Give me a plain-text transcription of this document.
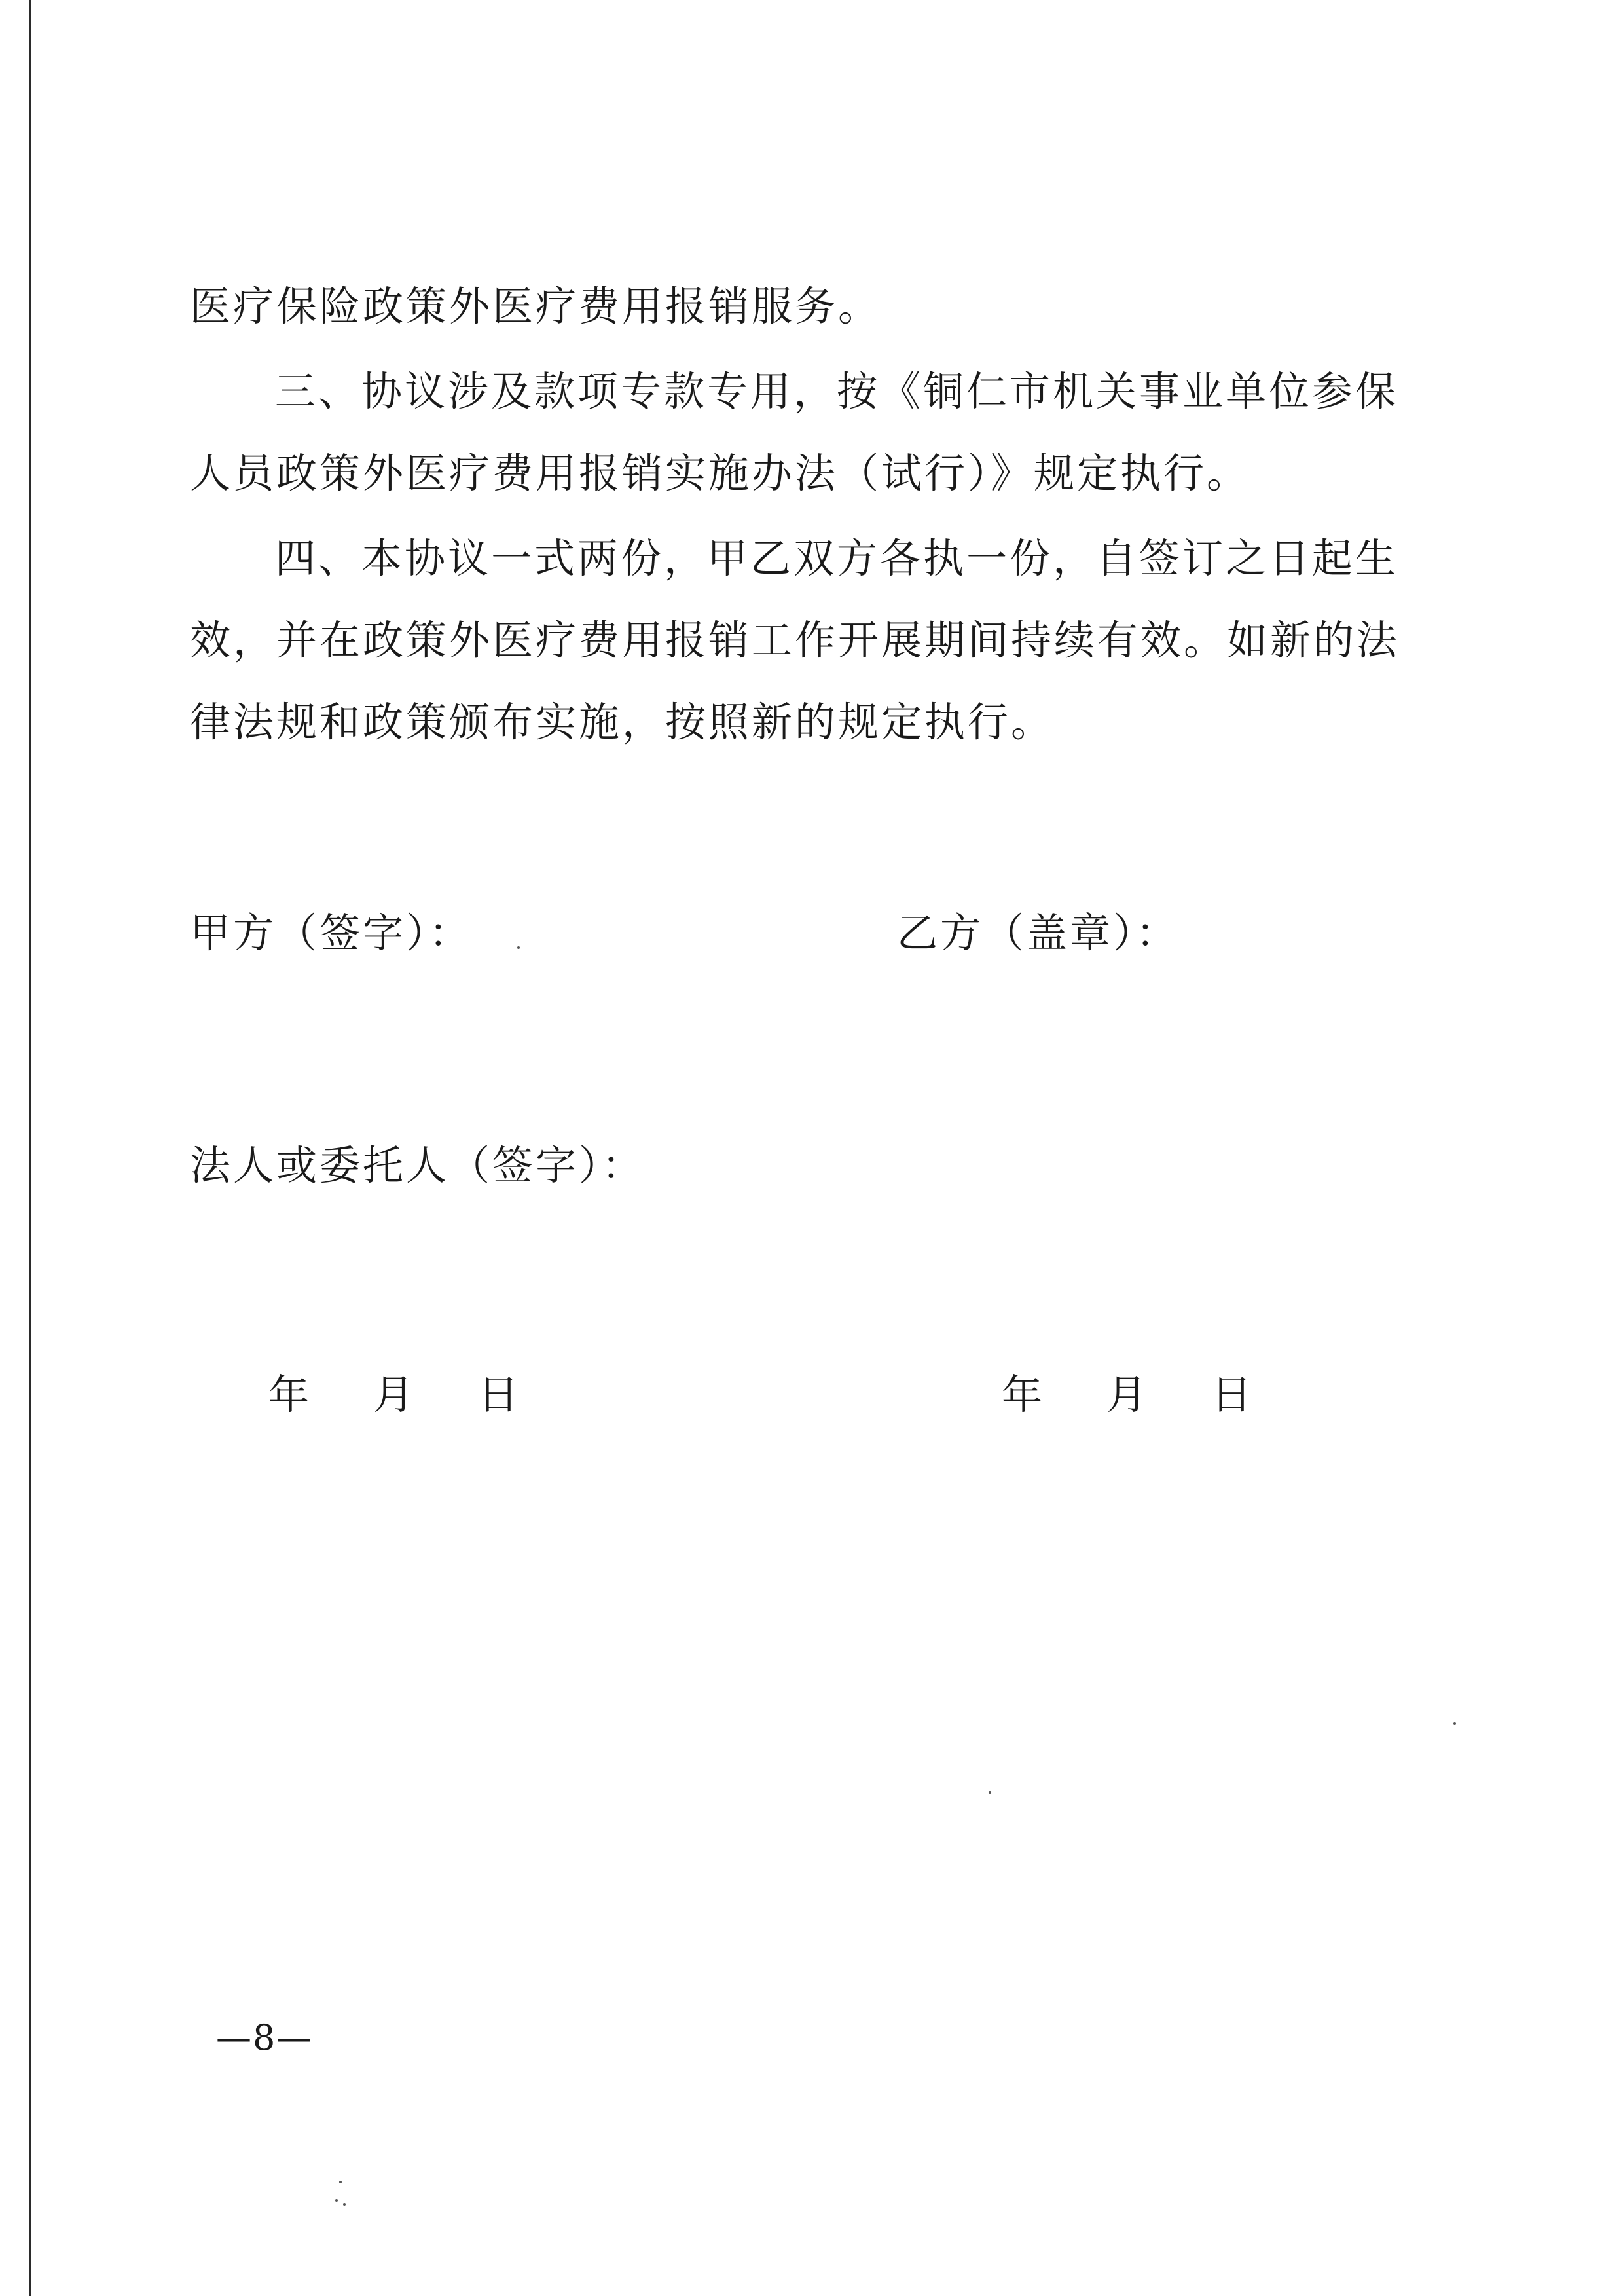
医疗保险政策外医疗费用报销服务。

三、协议涉及款项专款专用，按《铜仁市机关事业单位参保人员政策外医疗费用报销实施办法（试行）》规定执行。

四、本协议一式两份，甲乙双方各执一份，自签订之日起生效，并在政策外医疗费用报销工作开展期间持续有效。如新的法律法规和政策颁布实施，按照新的规定执行。

甲方（签字）：	乙方（盖章）：

法人或委托人（签字）：

年 月 日	年 月 日

—8—
